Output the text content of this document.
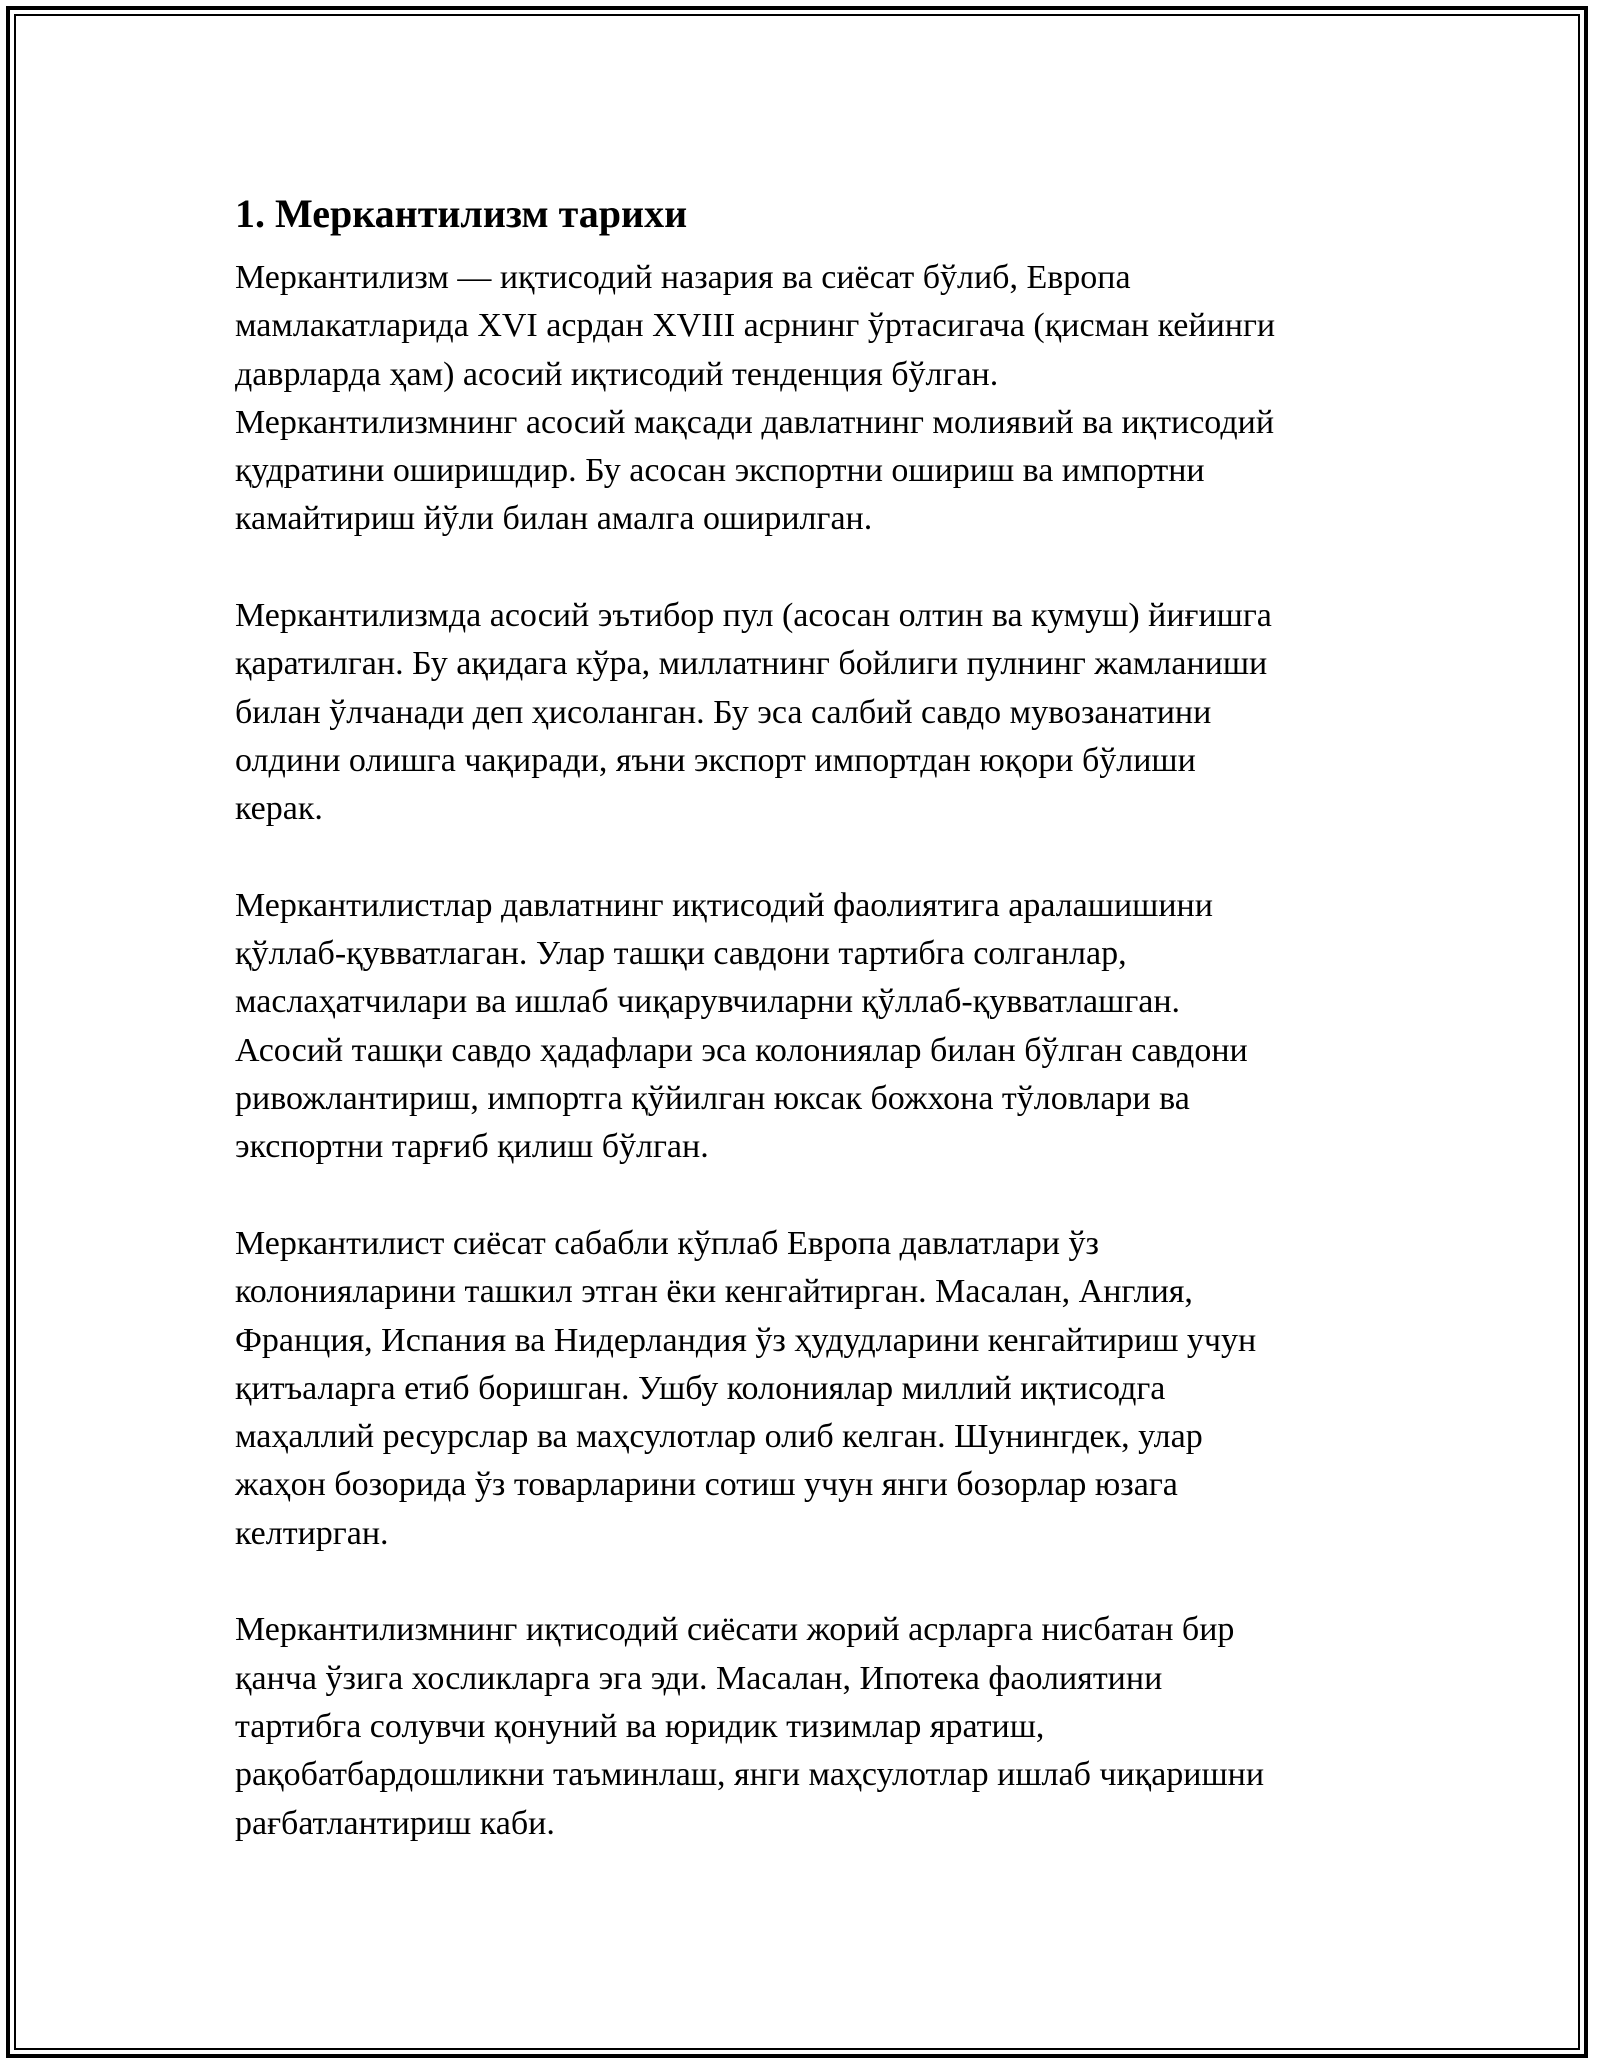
1. Меркантилизм тарихи

Меркантилизм — иқтисодий назария ва сиёсат бўлиб, Европа
мамлакатларида XVI асрдан XVIII асрнинг ўртасигача (қисман кейинги
даврларда ҳам) асосий иқтисодий тенденция бўлган.
Меркантилизмнинг асосий мақсади давлатнинг молиявий ва иқтисодий
қудратини оширишдир. Бу асосан экспортни ошириш ва импортни
камайтириш йўли билан амалга оширилган.

Меркантилизмда асосий эътибор пул (асосан олтин ва кумуш) йиғишга
қаратилган. Бу ақидага кўра, миллатнинг бойлиги пулнинг жамланиши
билан ўлчанади деп ҳисоланган. Бу эса салбий савдо мувозанатини
олдини олишга чақиради, яъни экспорт импортдан юқори бўлиши
керак.

Меркантилистлар давлатнинг иқтисодий фаолиятига аралашишини
қўллаб-қувватлаган. Улар ташқи савдони тартибга солганлар,
маслаҳатчилари ва ишлаб чиқарувчиларни қўллаб-қувватлашган.
Асосий ташқи савдо ҳадафлари эса колониялар билан бўлган савдони
ривожлантириш, импортга қўйилган юксак божхона тўловлари ва
экспортни тарғиб қилиш бўлган.

Меркантилист сиёсат сабабли кўплаб Европа давлатлари ўз
колонияларини ташкил этган ёки кенгайтирган. Масалан, Англия,
Франция, Испания ва Нидерландия ўз ҳудудларини кенгайтириш учун
қитъаларга етиб боришган. Ушбу колониялар миллий иқтисодга
маҳаллий ресурслар ва маҳсулотлар олиб келган. Шунингдек, улар
жаҳон бозорида ўз товарларини сотиш учун янги бозорлар юзага
келтирган.

Меркантилизмнинг иқтисодий сиёсати жорий асрларга нисбатан бир
қанча ўзига хосликларга эга эди. Масалан, Ипотека фаолиятини
тартибга солувчи қонуний ва юридик тизимлар яратиш,
рақобатбардошликни таъминлаш, янги маҳсулотлар ишлаб чиқаришни
рағбатлантириш каби.
